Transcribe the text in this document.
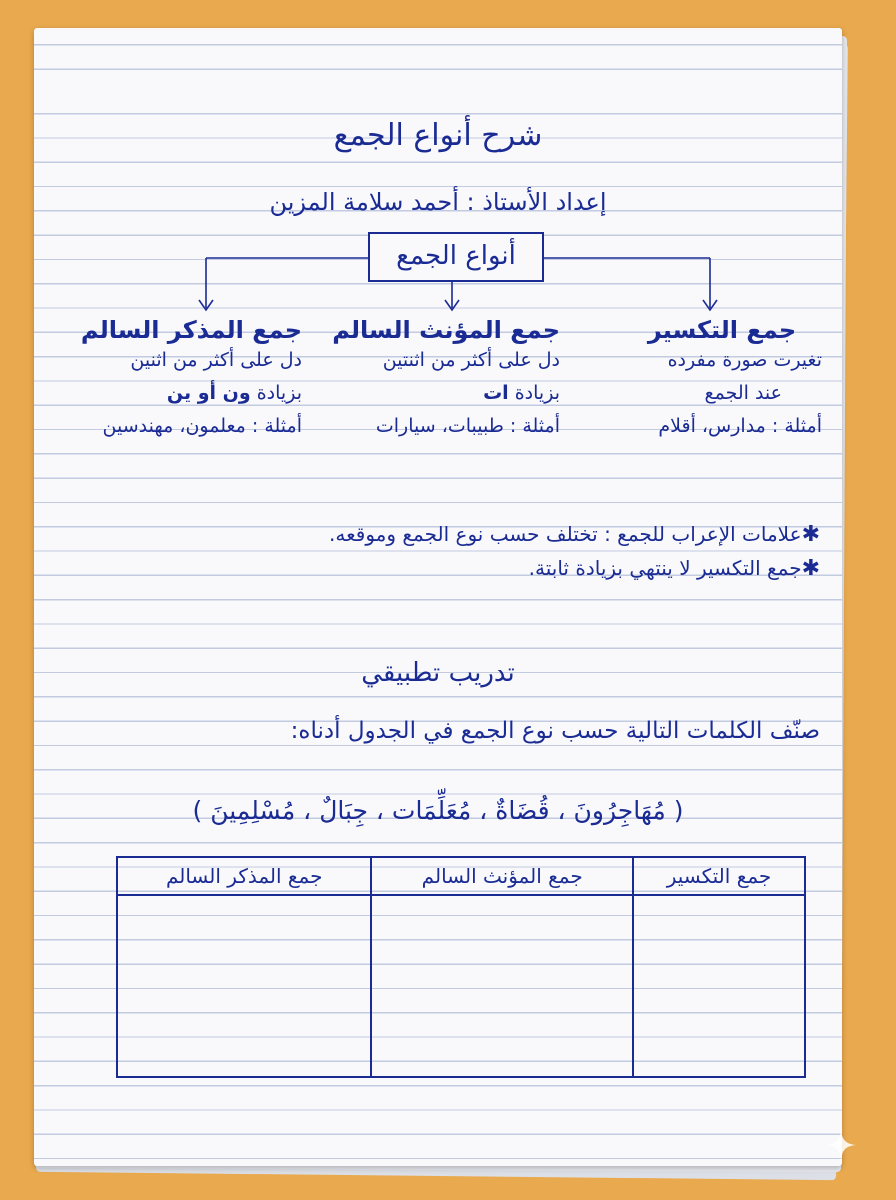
شرح أنواع الجمع
إعداد الأستاذ : أحمد سلامة المزين
أنواع الجمع
جمع التكسير
تغيرت صورة مفرده
عند الجمع
أمثلة : مدارس، أقلام
جمع المؤنث السالم
دل على أكثر من اثنتين
بزيادة ات
أمثلة : طبيبات، سيارات
جمع المذكر السالم
دل على أكثر من اثنين
بزيادة ون أو ين
أمثلة : معلمون، مهندسين
✱علامات الإعراب للجمع : تختلف حسب نوع الجمع وموقعه.
✱جمع التكسير لا ينتهي بزيادة ثابتة.
تدريب تطبيقي
صنّف الكلمات التالية حسب نوع الجمع في الجدول أدناه:
( مُهَاجِرُونَ ، قُضَاةٌ ، مُعَلِّمَات ، جِبَالٌ ، مُسْلِمِينَ )
جمع التكسير	جمع المؤنث السالم	جمع المذكر السالم
